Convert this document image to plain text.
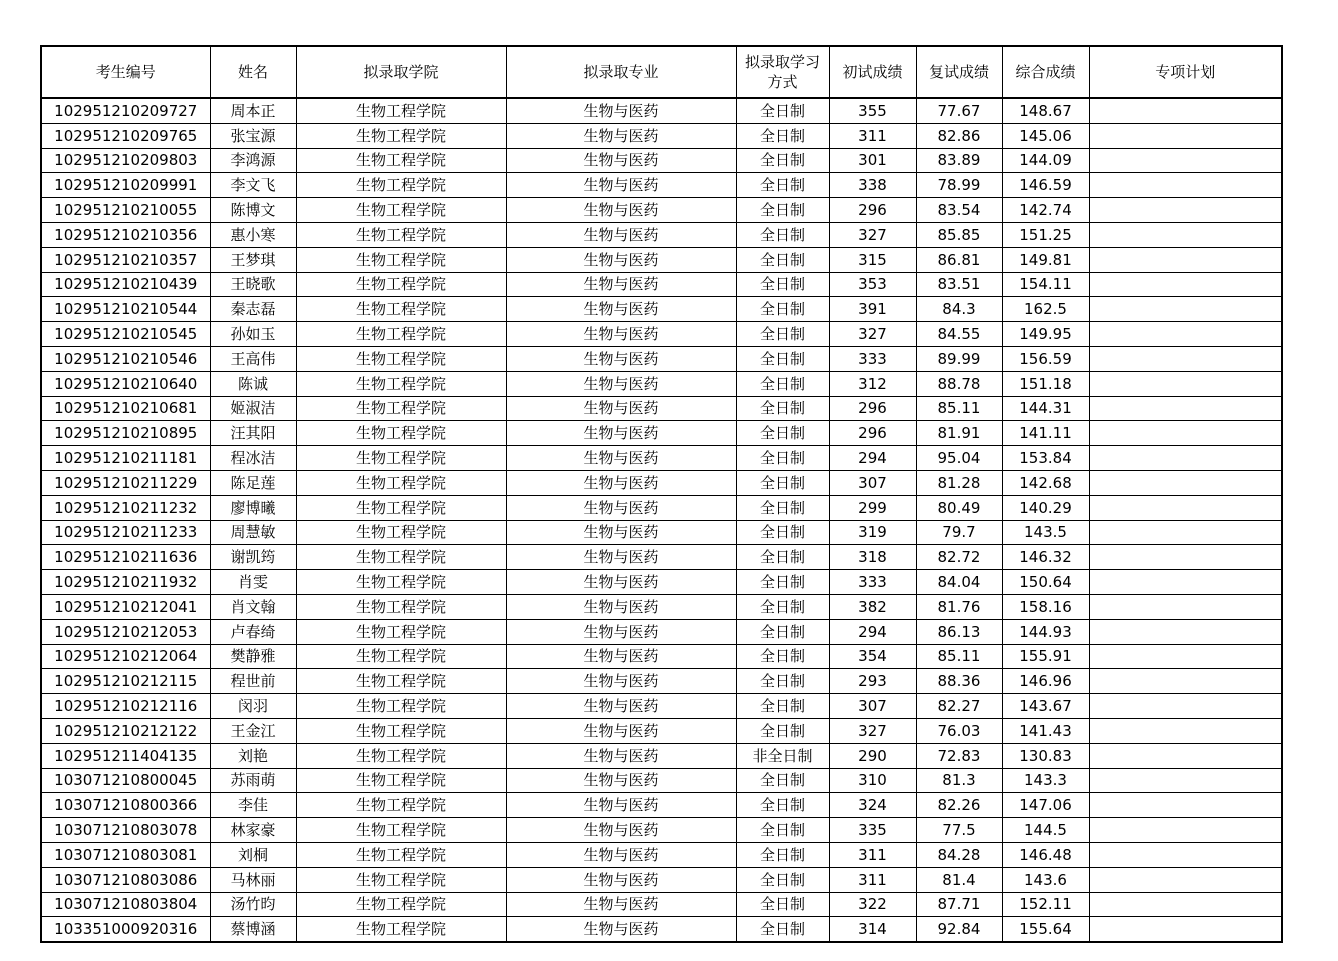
考生编号	姓名	拟录取学院	拟录取专业	拟录取学习方式	初试成绩	复试成绩	综合成绩	专项计划
102951210209727	周本正	生物工程学院	生物与医药	全日制	355	77.67	148.67	
102951210209765	张宝源	生物工程学院	生物与医药	全日制	311	82.86	145.06	
102951210209803	李鸿源	生物工程学院	生物与医药	全日制	301	83.89	144.09	
102951210209991	李文飞	生物工程学院	生物与医药	全日制	338	78.99	146.59	
102951210210055	陈博文	生物工程学院	生物与医药	全日制	296	83.54	142.74	
102951210210356	惠小寒	生物工程学院	生物与医药	全日制	327	85.85	151.25	
102951210210357	王梦琪	生物工程学院	生物与医药	全日制	315	86.81	149.81	
102951210210439	王晓歌	生物工程学院	生物与医药	全日制	353	83.51	154.11	
102951210210544	秦志磊	生物工程学院	生物与医药	全日制	391	84.3	162.5	
102951210210545	孙如玉	生物工程学院	生物与医药	全日制	327	84.55	149.95	
102951210210546	王高伟	生物工程学院	生物与医药	全日制	333	89.99	156.59	
102951210210640	陈诚	生物工程学院	生物与医药	全日制	312	88.78	151.18	
102951210210681	姬淑洁	生物工程学院	生物与医药	全日制	296	85.11	144.31	
102951210210895	汪其阳	生物工程学院	生物与医药	全日制	296	81.91	141.11	
102951210211181	程冰洁	生物工程学院	生物与医药	全日制	294	95.04	153.84	
102951210211229	陈足莲	生物工程学院	生物与医药	全日制	307	81.28	142.68	
102951210211232	廖博曦	生物工程学院	生物与医药	全日制	299	80.49	140.29	
102951210211233	周慧敏	生物工程学院	生物与医药	全日制	319	79.7	143.5	
102951210211636	谢凯筠	生物工程学院	生物与医药	全日制	318	82.72	146.32	
102951210211932	肖雯	生物工程学院	生物与医药	全日制	333	84.04	150.64	
102951210212041	肖文翰	生物工程学院	生物与医药	全日制	382	81.76	158.16	
102951210212053	卢春绮	生物工程学院	生物与医药	全日制	294	86.13	144.93	
102951210212064	樊静雅	生物工程学院	生物与医药	全日制	354	85.11	155.91	
102951210212115	程世前	生物工程学院	生物与医药	全日制	293	88.36	146.96	
102951210212116	闵羽	生物工程学院	生物与医药	全日制	307	82.27	143.67	
102951210212122	王金江	生物工程学院	生物与医药	全日制	327	76.03	141.43	
102951211404135	刘艳	生物工程学院	生物与医药	非全日制	290	72.83	130.83	
103071210800045	苏雨萌	生物工程学院	生物与医药	全日制	310	81.3	143.3	
103071210800366	李佳	生物工程学院	生物与医药	全日制	324	82.26	147.06	
103071210803078	林家豪	生物工程学院	生物与医药	全日制	335	77.5	144.5	
103071210803081	刘桐	生物工程学院	生物与医药	全日制	311	84.28	146.48	
103071210803086	马林丽	生物工程学院	生物与医药	全日制	311	81.4	143.6	
103071210803804	汤竹昀	生物工程学院	生物与医药	全日制	322	87.71	152.11	
103351000920316	蔡博涵	生物工程学院	生物与医药	全日制	314	92.84	155.64	
